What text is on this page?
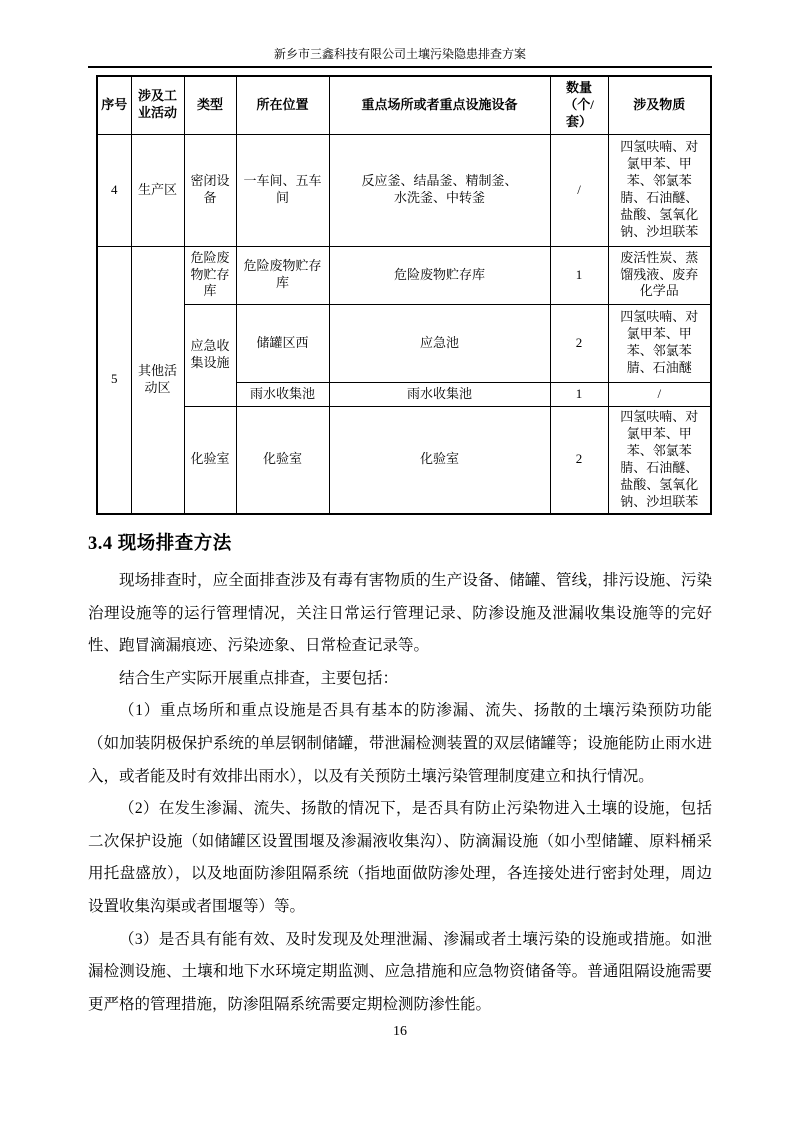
新乡市三鑫科技有限公司土壤污染隐患排查方案
序号	涉及工业活动	类型	所在位置	重点场所或者重点设施设备	数量（个/套）	涉及物质
4	生产区	密闭设备	一车间、五车间	反应釜、结晶釜、精制釜、水洗釜、中转釜	/	四氢呋喃、对氯甲苯、甲苯、邻氯苯腈、石油醚、盐酸、氢氧化钠、沙坦联苯
5	其他活动区	危险废物贮存库	危险废物贮存库	危险废物贮存库	1	废活性炭、蒸馏残液、废弃化学品
		应急收集设施	储罐区西	应急池	2	四氢呋喃、对氯甲苯、甲苯、邻氯苯腈、石油醚
			雨水收集池	雨水收集池	1	/
		化验室	化验室	化验室	2	四氢呋喃、对氯甲苯、甲苯、邻氯苯腈、石油醚、盐酸、氢氧化钠、沙坦联苯
3.4 现场排查方法

现场排查时，应全面排查涉及有毒有害物质的生产设备、储罐、管线，排污设施、污染治理设施等的运行管理情况，关注日常运行管理记录、防渗设施及泄漏收集设施等的完好性、跑冒滴漏痕迹、污染迹象、日常检查记录等。

结合生产实际开展重点排查，主要包括：

（1）重点场所和重点设施是否具有基本的防渗漏、流失、扬散的土壤污染预防功能（如加装阴极保护系统的单层钢制储罐，带泄漏检测装置的双层储罐等；设施能防止雨水进入，或者能及时有效排出雨水），以及有关预防土壤污染管理制度建立和执行情况。

（2）在发生渗漏、流失、扬散的情况下，是否具有防止污染物进入土壤的设施，包括二次保护设施（如储罐区设置围堰及渗漏液收集沟）、防滴漏设施（如小型储罐、原料桶采用托盘盛放），以及地面防渗阻隔系统（指地面做防渗处理，各连接处进行密封处理，周边设置收集沟渠或者围堰等）等。

（3）是否具有能有效、及时发现及处理泄漏、渗漏或者土壤污染的设施或措施。如泄漏检测设施、土壤和地下水环境定期监测、应急措施和应急物资储备等。普通阻隔设施需要更严格的管理措施，防渗阻隔系统需要定期检测防渗性能。

16
